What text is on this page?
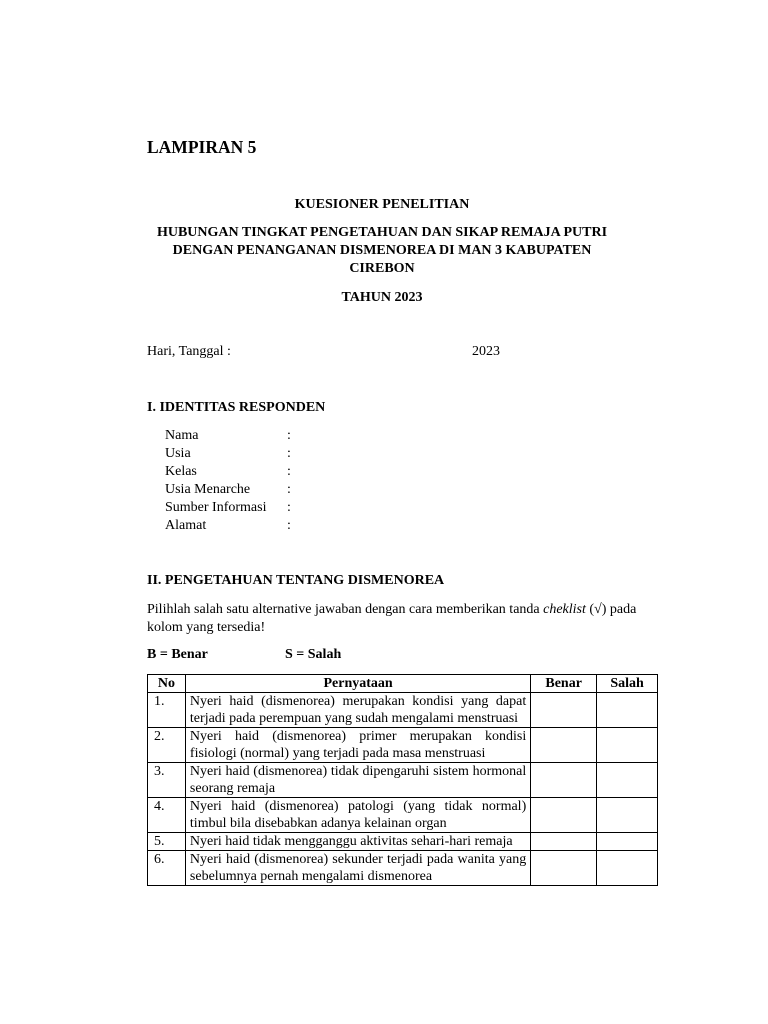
LAMPIRAN 5
KUESIONER PENELITIAN
HUBUNGAN TINGKAT PENGETAHUAN DAN SIKAP REMAJA PUTRI
DENGAN PENANGANAN DISMENOREA DI MAN 3 KABUPATEN
CIREBON
TAHUN 2023
Hari, Tanggal :	2023
I. IDENTITAS RESPONDEN
Nama	:
Usia	:
Kelas	:
Usia Menarche	:
Sumber Informasi	:
Alamat	:
II. PENGETAHUAN TENTANG DISMENOREA
Pilihlah salah satu alternative jawaban dengan cara memberikan tanda cheklist (√) pada kolom yang tersedia!
B = Benar	S = Salah
No	Pernyataan	Benar	Salah
1.	Nyeri haid (dismenorea) merupakan kondisi yang dapat terjadi pada perempuan yang sudah mengalami menstruasi		
2.	Nyeri haid (dismenorea) primer merupakan kondisi fisiologi (normal) yang terjadi pada masa menstruasi		
3.	Nyeri haid (dismenorea) tidak dipengaruhi sistem hormonal seorang remaja		
4.	Nyeri haid (dismenorea) patologi (yang tidak normal) timbul bila disebabkan adanya kelainan organ		
5.	Nyeri haid tidak mengganggu aktivitas sehari-hari remaja		
6.	Nyeri haid (dismenorea) sekunder terjadi pada wanita yang sebelumnya pernah mengalami dismenorea		
